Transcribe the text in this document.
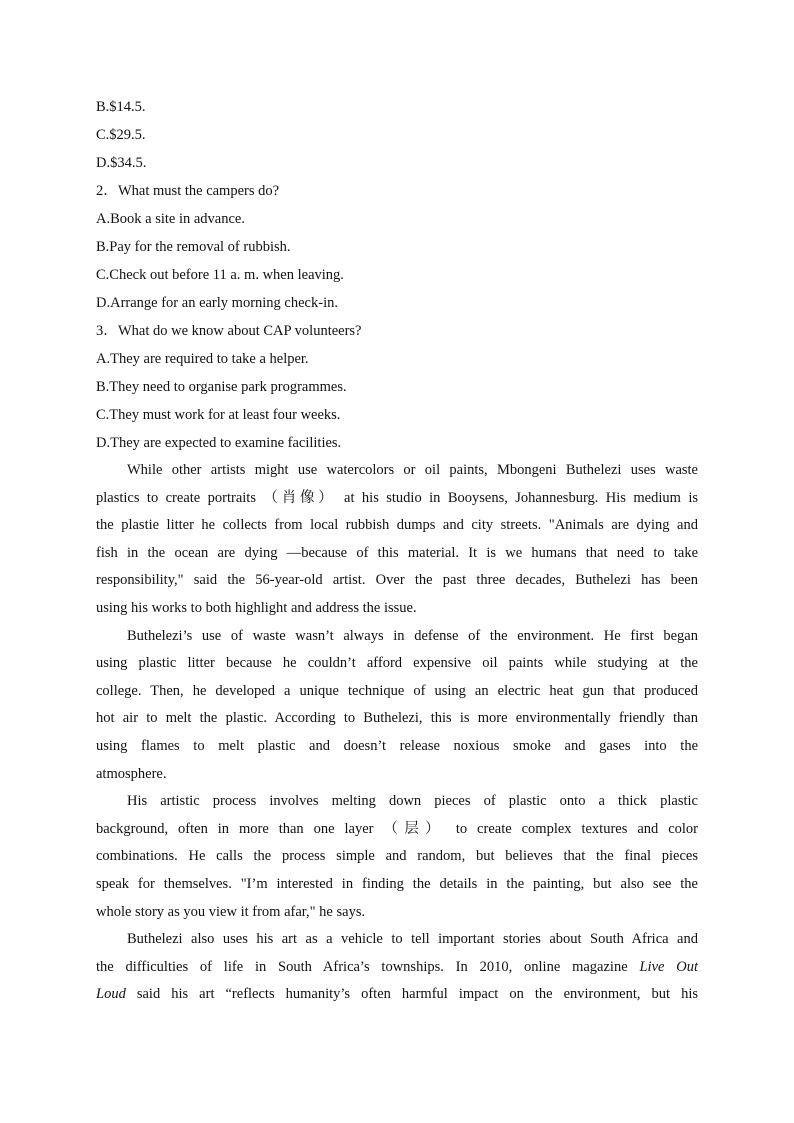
B.$14.5.
C.$29.5.
D.$34.5.
2．What must the campers do?
A.Book a site in advance.
B.Pay for the removal of rubbish.
C.Check out before 11 a. m. when leaving.
D.Arrange for an early morning check-in.
3．What do we know about CAP volunteers?
A.They are required to take a helper.
B.They need to organise park programmes.
C.They must work for at least four weeks.
D.They are expected to examine facilities.
While other artists might use watercolors or oil paints, Mbongeni Buthelezi uses waste
plastics to create portraits （肖像） at his studio in Booysens, Johannesburg. His medium is
the plastie litter he collects from local rubbish dumps and city streets. "Animals are dying and
fish in the ocean are dying —because of this material. It is we humans that need to take
responsibility," said the 56-year-old artist. Over the past three decades, Buthelezi has been
using his works to both highlight and address the issue.
Buthelezi’s use of waste wasn’t always in defense of the environment. He first began
using plastic litter because he couldn’t afford expensive oil paints while studying at the
college. Then, he developed a unique technique of using an electric heat gun that produced
hot air to melt the plastic. According to Buthelezi, this is more environmentally friendly than
using flames to melt plastic and doesn’t release noxious smoke and gases into the
atmosphere.
His artistic process involves melting down pieces of plastic onto a thick plastic
background, often in more than one layer （层） to create complex textures and color
combinations. He calls the process simple and random, but believes that the final pieces
speak for themselves. "I’m interested in finding the details in the painting, but also see the
whole story as you view it from afar," he says.
Buthelezi also uses his art as a vehicle to tell important stories about South Africa and
the difficulties of life in South Africa’s townships. In 2010, online magazine Live Out
Loud said his art “reflects humanity’s often harmful impact on the environment, but his
